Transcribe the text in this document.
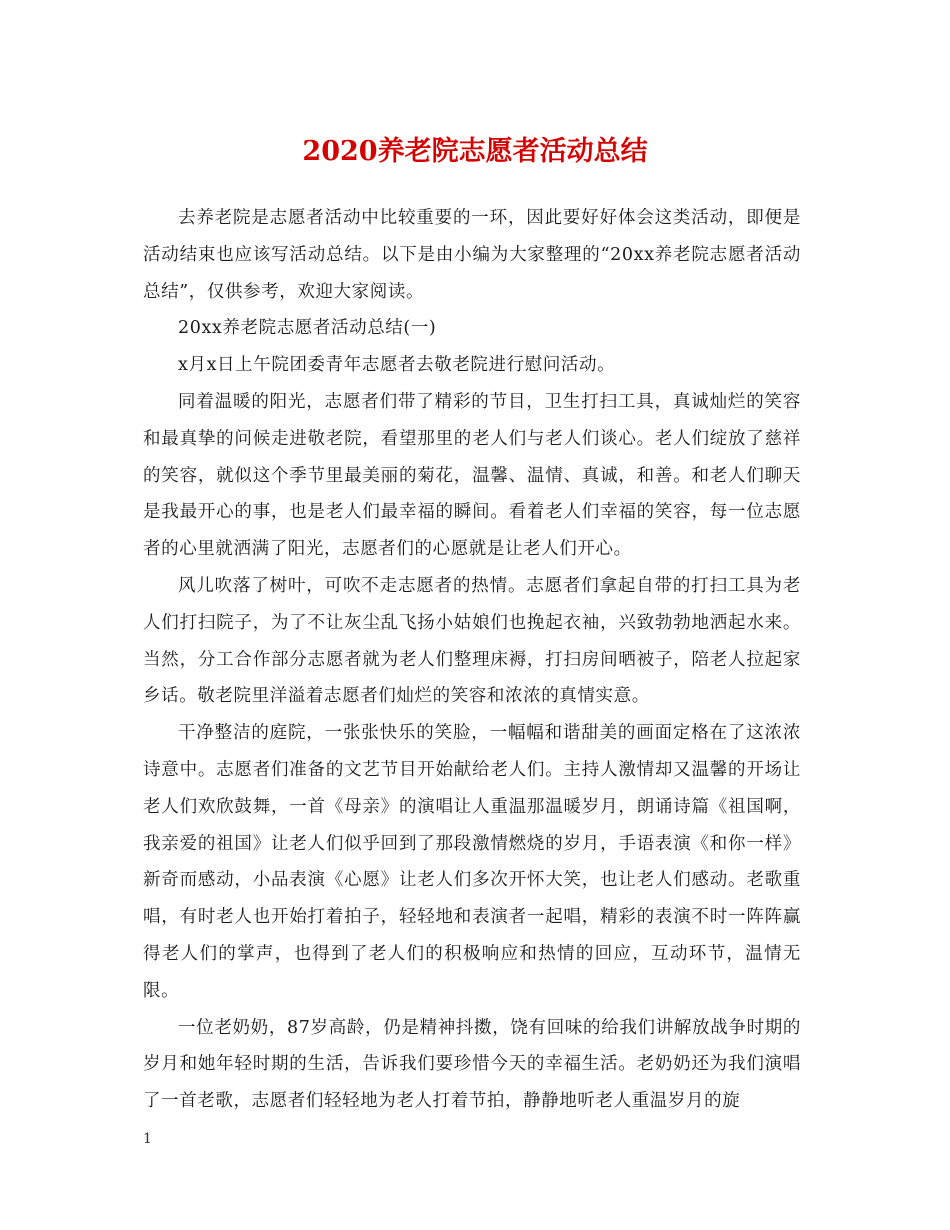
2020养老院志愿者活动总结

去养老院是志愿者活动中比较重要的一环，因此要好好体会这类活动，即便是活动结束也应该写活动总结。以下是由小编为大家整理的“20xx养老院志愿者活动总结”，仅供参考，欢迎大家阅读。

20xx养老院志愿者活动总结(一)

x月x日上午院团委青年志愿者去敬老院进行慰问活动。

同着温暖的阳光，志愿者们带了精彩的节目，卫生打扫工具，真诚灿烂的笑容和最真挚的问候走进敬老院，看望那里的老人们与老人们谈心。老人们绽放了慈祥的笑容，就似这个季节里最美丽的菊花，温馨、温情、真诚，和善。和老人们聊天是我最开心的事，也是老人们最幸福的瞬间。看着老人们幸福的笑容，每一位志愿者的心里就洒满了阳光，志愿者们的心愿就是让老人们开心。

风儿吹落了树叶，可吹不走志愿者的热情。志愿者们拿起自带的打扫工具为老人们打扫院子，为了不让灰尘乱飞扬小姑娘们也挽起衣袖，兴致勃勃地洒起水来。当然，分工合作部分志愿者就为老人们整理床褥，打扫房间晒被子，陪老人拉起家乡话。敬老院里洋溢着志愿者们灿烂的笑容和浓浓的真情实意。

干净整洁的庭院，一张张快乐的笑脸，一幅幅和谐甜美的画面定格在了这浓浓诗意中。志愿者们准备的文艺节目开始献给老人们。主持人激情却又温馨的开场让老人们欢欣鼓舞，一首《母亲》的演唱让人重温那温暖岁月，朗诵诗篇《祖国啊，我亲爱的祖国》让老人们似乎回到了那段激情燃烧的岁月，手语表演《和你一样》新奇而感动，小品表演《心愿》让老人们多次开怀大笑，也让老人们感动。老歌重唱，有时老人也开始打着拍子，轻轻地和表演者一起唱，精彩的表演不时一阵阵赢得老人们的掌声，也得到了老人们的积极响应和热情的回应，互动环节，温情无限。

一位老奶奶，87岁高龄，仍是精神抖擞，饶有回味的给我们讲解放战争时期的岁月和她年轻时期的生活，告诉我们要珍惜今天的幸福生活。老奶奶还为我们演唱了一首老歌，志愿者们轻轻地为老人打着节拍，静静地听老人重温岁月的旋

1
